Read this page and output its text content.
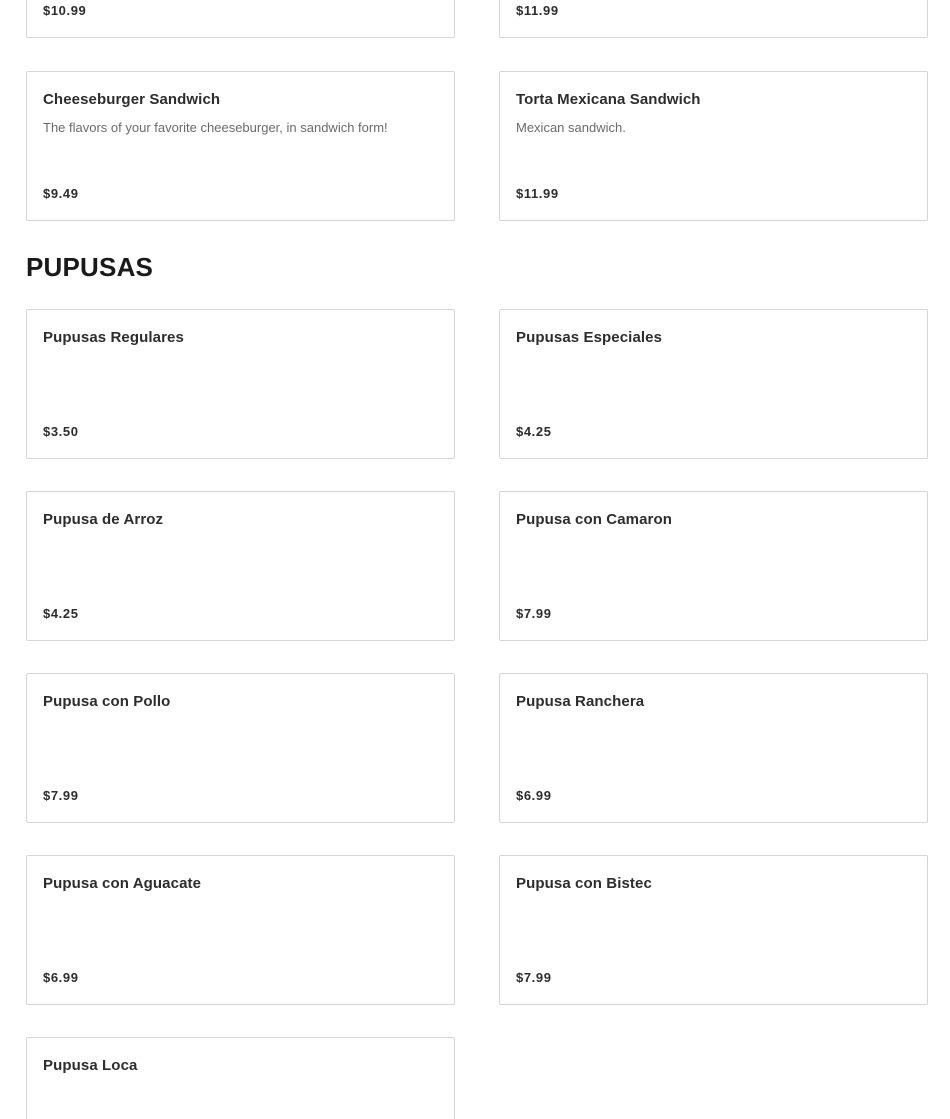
$10.99	$11.99
Cheeseburger Sandwich
The flavors of your favorite cheeseburger, in sandwich form!
$9.49
Torta Mexicana Sandwich
Mexican sandwich.
$11.99
PUPUSAS
Pupusas Regulares
$3.50
Pupusas Especiales
$4.25
Pupusa de Arroz
$4.25
Pupusa con Camaron
$7.99
Pupusa con Pollo
$7.99
Pupusa Ranchera
$6.99
Pupusa con Aguacate
$6.99
Pupusa con Bistec
$7.99
Pupusa Loca
